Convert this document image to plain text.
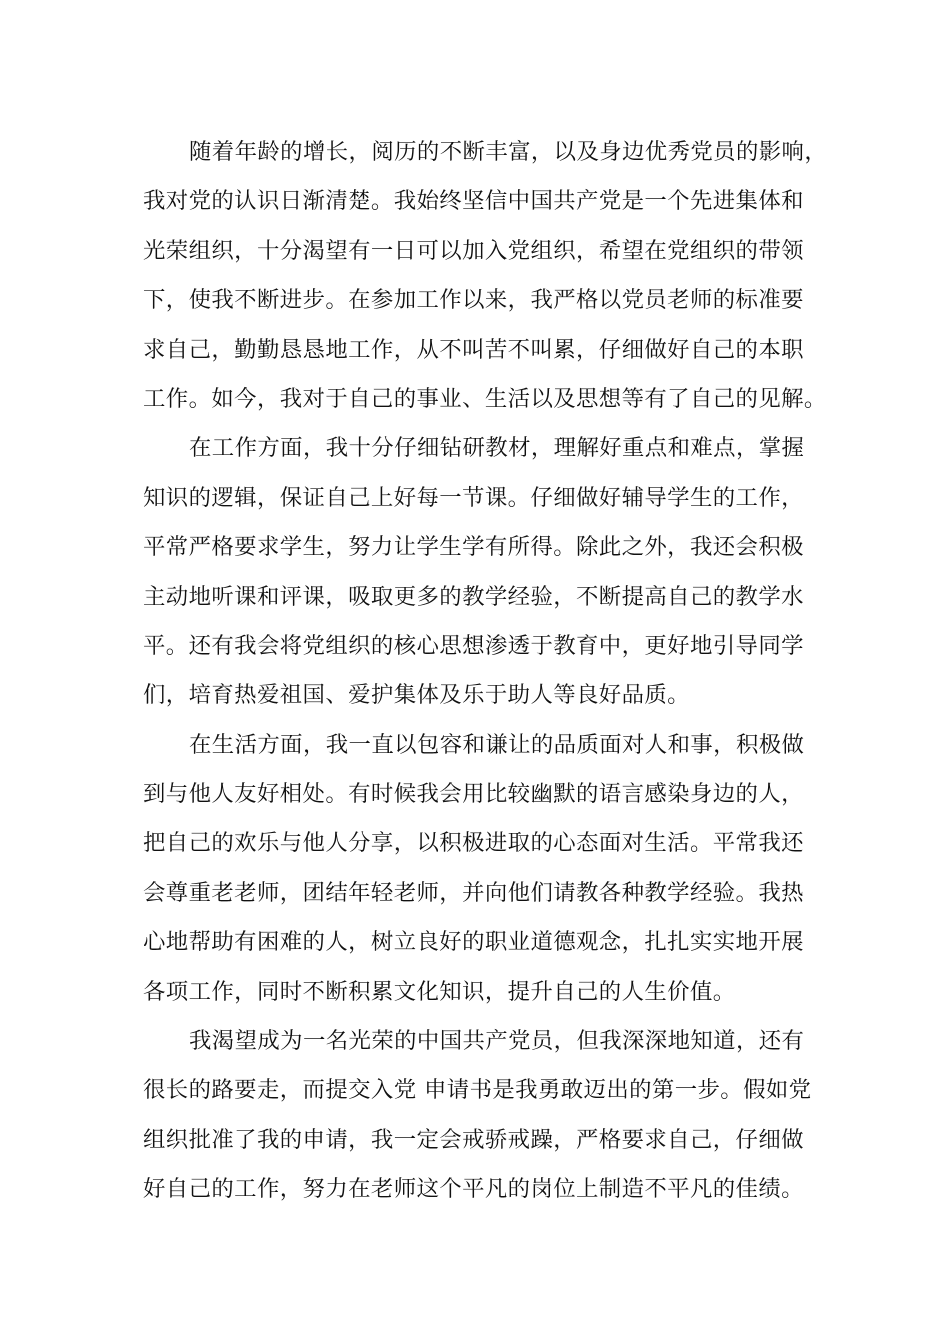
随着年龄的增长，阅历的不断丰富，以及身边优秀党员的影响，
我对党的认识日渐清楚。我始终坚信中国共产党是一个先进集体和
光荣组织，十分渴望有一日可以加入党组织，希望在党组织的带领
下，使我不断进步。在参加工作以来，我严格以党员老师的标准要
求自己，勤勤恳恳地工作，从不叫苦不叫累，仔细做好自己的本职
工作。如今，我对于自己的事业、生活以及思想等有了自己的见解。
在工作方面，我十分仔细钻研教材，理解好重点和难点，掌握
知识的逻辑，保证自己上好每一节课。仔细做好辅导学生的工作，
平常严格要求学生，努力让学生学有所得。除此之外，我还会积极
主动地听课和评课，吸取更多的教学经验，不断提高自己的教学水
平。还有我会将党组织的核心思想渗透于教育中，更好地引导同学
们，培育热爱祖国、爱护集体及乐于助人等良好品质。
在生活方面，我一直以包容和谦让的品质面对人和事，积极做
到与他人友好相处。有时候我会用比较幽默的语言感染身边的人，
把自己的欢乐与他人分享，以积极进取的心态面对生活。平常我还
会尊重老老师，团结年轻老师，并向他们请教各种教学经验。我热
心地帮助有困难的人，树立良好的职业道德观念，扎扎实实地开展
各项工作，同时不断积累文化知识，提升自己的人生价值。
我渴望成为一名光荣的中国共产党员，但我深深地知道，还有
很长的路要走，而提交入党 申请书是我勇敢迈出的第一步。假如党
组织批准了我的申请，我一定会戒骄戒躁，严格要求自己，仔细做
好自己的工作，努力在老师这个平凡的岗位上制造不平凡的佳绩。
